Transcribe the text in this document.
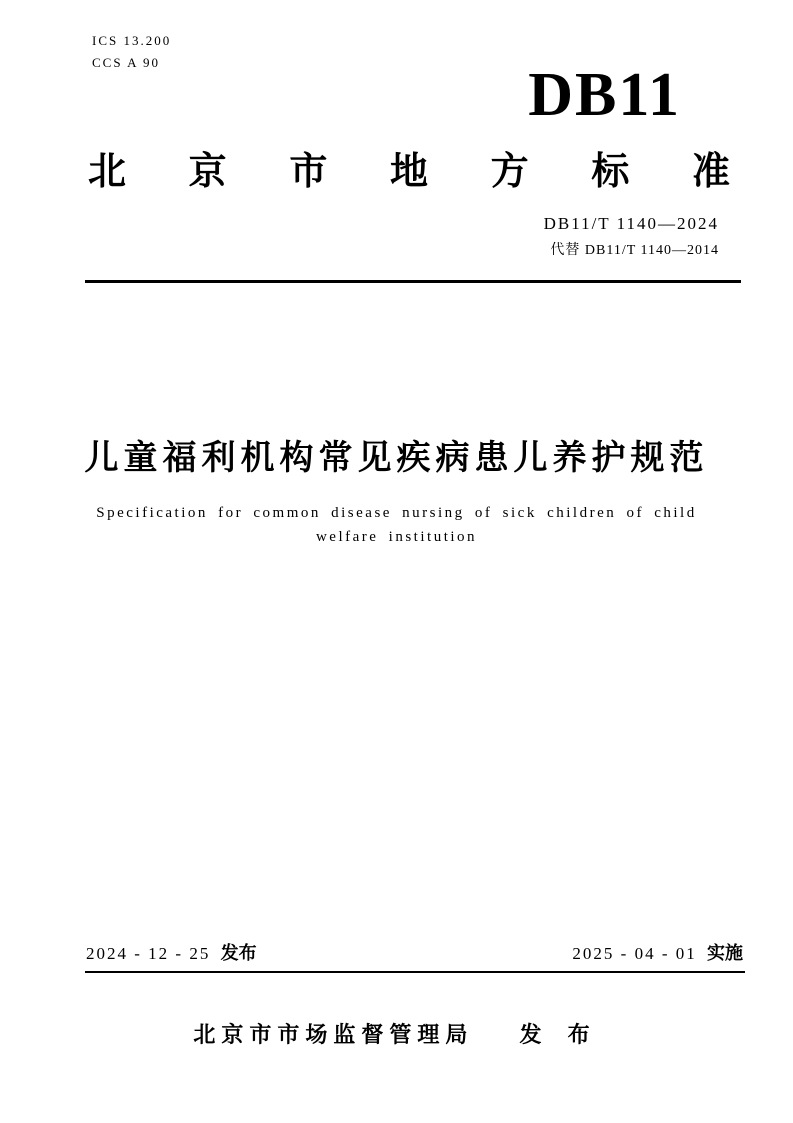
ICS 13.200
CCS A 90	DB11
北 京 市 地 方 标 准
DB11/T 1140—2024
代替 DB11/T 1140—2014
儿童福利机构常见疾病患儿养护规范
Specification for common disease nursing of sick children of child
welfare institution
2024 - 12 - 25 发布	2025 - 04 - 01 实施
北京市市场监督管理局 发 布
